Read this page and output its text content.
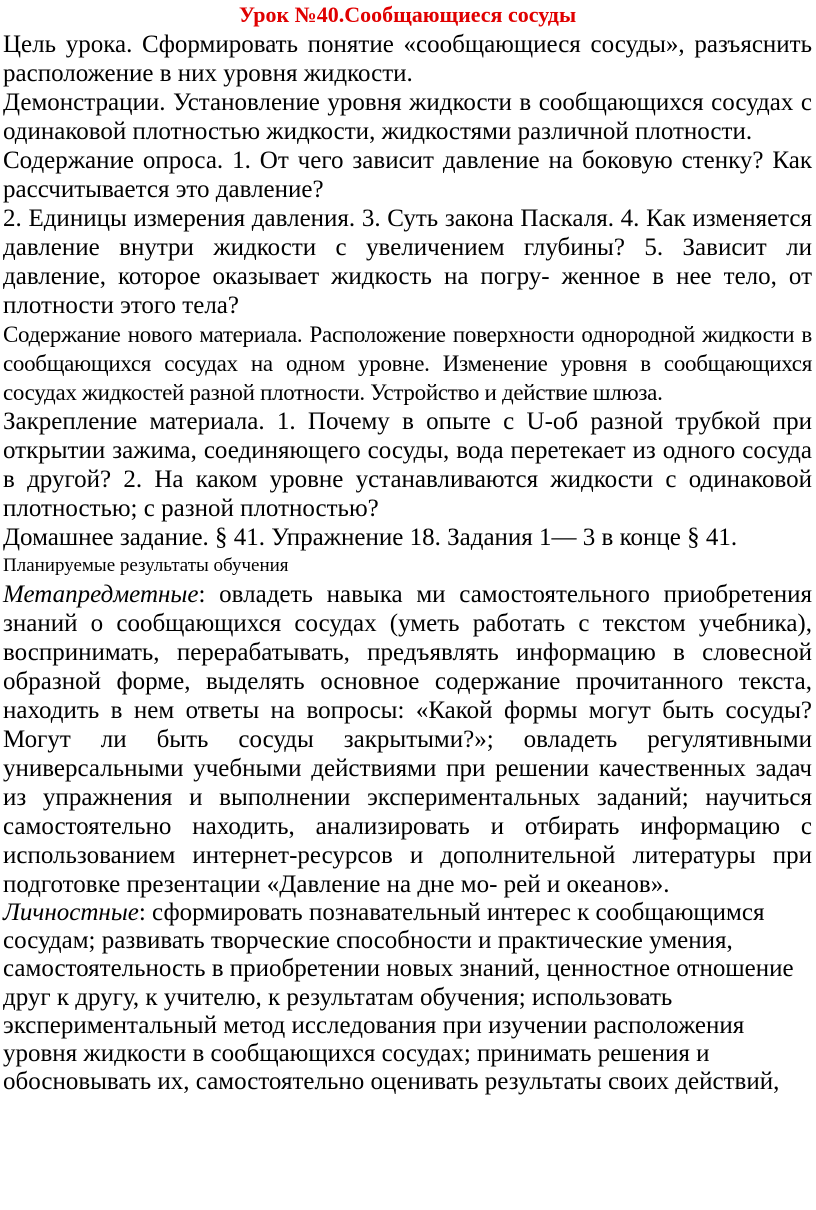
Урок №40.Сообщающиеся сосуды

Цель урока. Сформировать понятие «сообщающиеся сосуды», разъяснить расположение в них уровня жидкости.

Демонстрации. Установление уровня жидкости в сообщающихся сосудах с одинаковой плотностью жидкости, жидкостями различной плотности.

Содержание опроса. 1. От чего зависит давление на боковую стенку? Как рассчитывается это давление?

2. Единицы измерения давления. 3. Суть закона Паскаля. 4. Как изменяется давление внутри жидкости с увеличением глубины? 5. Зависит ли давление, которое оказывает жидкость на погру- женное в нее тело, от плотности этого тела?

Содержание нового материала. Расположение поверхности однородной жидкости в сообщающихся сосудах на одном уровне. Изменение уровня в сообщающихся сосудах жидкостей разной плотности. Устройство и действие шлюза.

Закрепление материала. 1. Почему в опыте с U-об разной трубкой при открытии зажима, соединяющего сосуды, вода перетекает из одного сосуда в другой? 2. На каком уровне устанавливаются жидкости с одинаковой плотностью; с разной плотностью?

Домашнее задание. § 41. Упражнение 18. Задания 1— 3 в конце § 41.

Планируемые результаты обучения

Метапредметные: овладеть навыка ми самостоятельного приобретения знаний о сообщающихся сосудах (уметь работать с текстом учебника), воспринимать, перерабатывать, предъявлять информацию в словесной образной форме, выделять основное содержание прочитанного текста, находить в нем ответы на вопросы: «Какой формы могут быть сосуды? Могут ли быть сосуды закрытыми?»; овладеть регулятивными универсальными учебными действиями при решении качественных задач из упражнения и выполнении экспериментальных заданий; научиться самостоятельно находить, анализировать и отбирать информацию с использованием интернет-ресурсов и дополнительной литературы при подготовке презентации «Давление на дне мо- рей и океанов».

Личностные: сформировать познавательный интерес к сообщающимся сосудам; развивать творческие способности и практические умения, самостоятельность в приобретении новых знаний, ценностное отношение друг к другу, к учителю, к результатам обучения; использовать экспериментальный метод исследования при изучении расположения уровня жидкости в сообщающихся сосудах; принимать решения и обосновывать их, самостоятельно оценивать результаты своих действий,
